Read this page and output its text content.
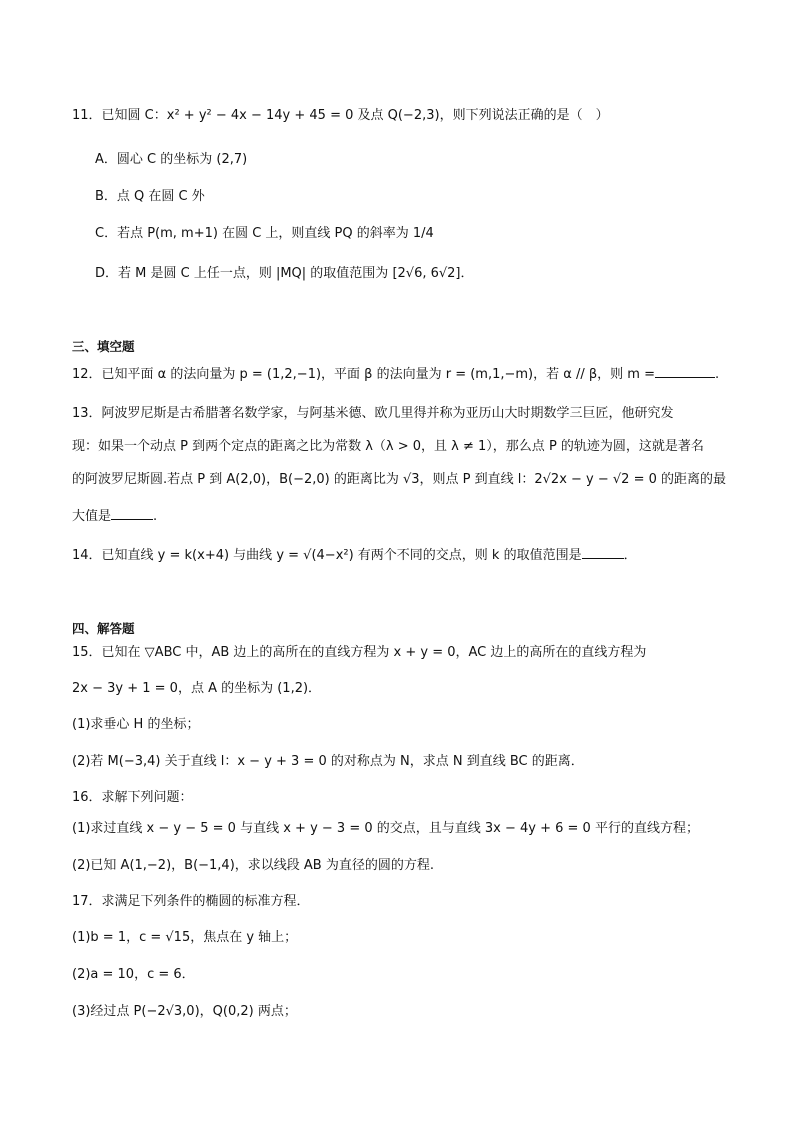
11．已知圆 C：x² + y² − 4x − 14y + 45 = 0 及点 Q(−2,3)，则下列说法正确的是（　）
A．圆心 C 的坐标为 (2,7)
B．点 Q 在圆 C 外
C．若点 P(m, m+1) 在圆 C 上，则直线 PQ 的斜率为 1/4
D．若 M 是圆 C 上任一点，则 |MQ| 的取值范围为 [2√6, 6√2]．
三、填空题
12．已知平面 α 的法向量为 p = (1,2,−1)，平面 β 的法向量为 r = (m,1,−m)，若 α // β，则 m =	.
13．阿波罗尼斯是古希腊著名数学家，与阿基米德、欧几里得并称为亚历山大时期数学三巨匠，他研究发
现：如果一个动点 P 到两个定点的距离之比为常数 λ（λ > 0，且 λ ≠ 1），那么点 P 的轨迹为圆，这就是著名
的阿波罗尼斯圆.若点 P 到 A(2,0)，B(−2,0) 的距离比为 √3，则点 P 到直线 l：2√2x − y − √2 = 0 的距离的最
大值是	.
14．已知直线 y = k(x+4) 与曲线 y = √(4−x²) 有两个不同的交点，则 k 的取值范围是	．
四、解答题
15．已知在 ▽ABC 中，AB 边上的高所在的直线方程为 x + y = 0，AC 边上的高所在的直线方程为
2x − 3y + 1 = 0，点 A 的坐标为 (1,2)．
(1)求垂心 H 的坐标；
(2)若 M(−3,4) 关于直线 l：x − y + 3 = 0 的对称点为 N，求点 N 到直线 BC 的距离．
16．求解下列问题：
(1)求过直线 x − y − 5 = 0 与直线 x + y − 3 = 0 的交点，且与直线 3x − 4y + 6 = 0 平行的直线方程；
(2)已知 A(1,−2)，B(−1,4)，求以线段 AB 为直径的圆的方程.
17．求满足下列条件的椭圆的标准方程．
(1)b = 1，c = √15，焦点在 y 轴上；
(2)a = 10，c = 6．
(3)经过点 P(−2√3,0)，Q(0,2) 两点；
